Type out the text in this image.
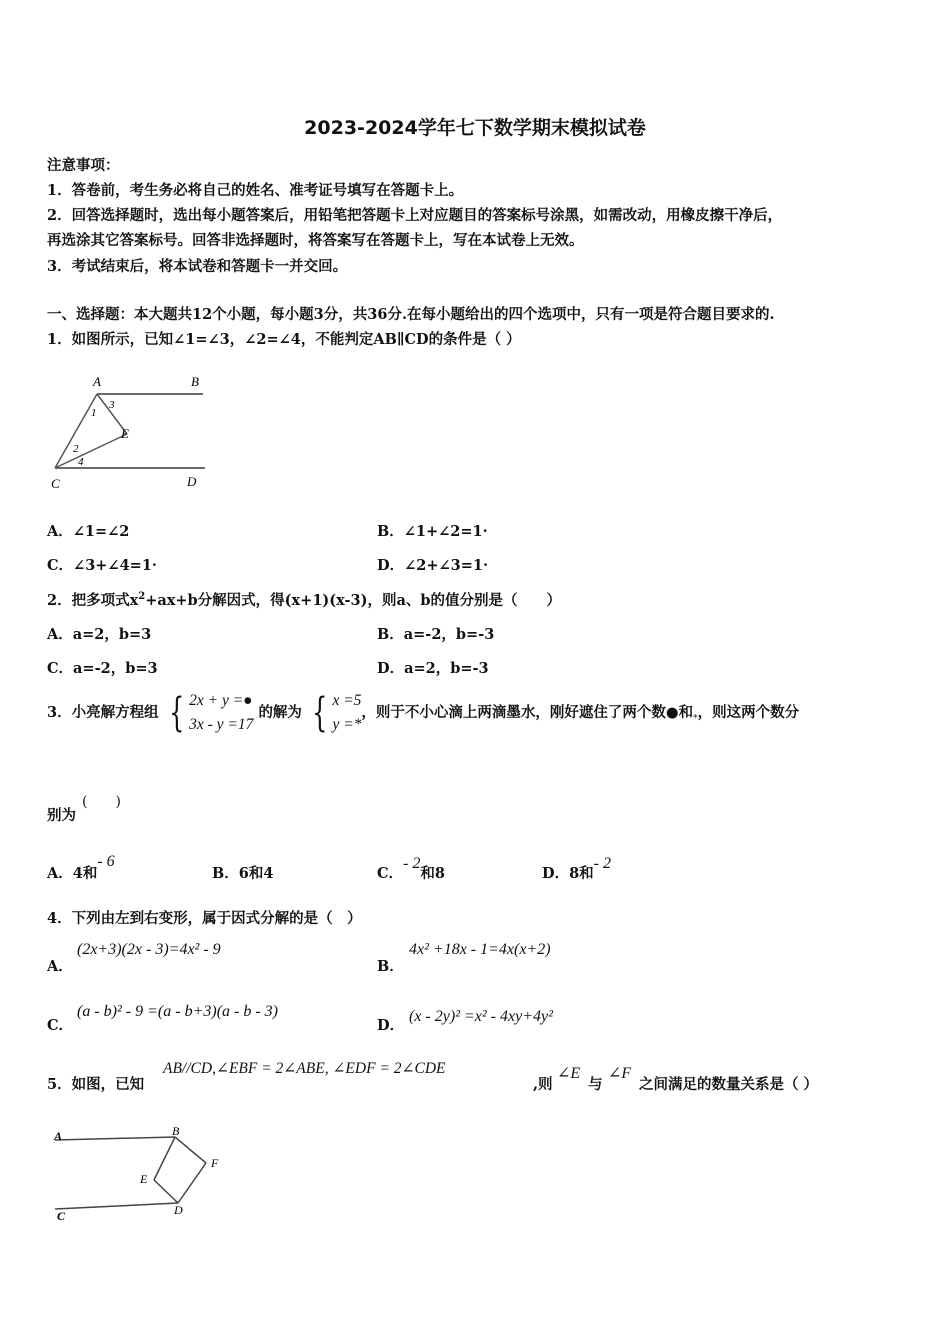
2023-2024学年七下数学期末模拟试卷
注意事项：
1．答卷前，考生务必将自己的姓名、准考证号填写在答题卡上。
2．回答选择题时，选出每小题答案后，用铅笔把答题卡上对应题目的答案标号涂黑，如需改动，用橡皮擦干净后，
再选涂其它答案标号。回答非选择题时，将答案写在答题卡上，写在本试卷上无效。
3．考试结束后，将本试卷和答题卡一并交回。
一、选择题：本大题共12个小题，每小题3分，共36分.在每小题给出的四个选项中，只有一项是符合题目要求的.
1．如图所示，已知∠1=∠3，∠2=∠4，不能判定AB∥CD的条件是（ ）
A	B
C	D
E
1
3
2
4
A．∠1=∠2	B．∠1+∠2=1·
C．∠3+∠4=1·	D．∠2+∠3=1·
2．把多项式$x^2+ax+b$分解因式，得(x+1)(x-3)，则a、b的值分别是（　　）
A．a=2，b=3	B．a=-2，b=-3
C．a=-2，b=3	D．a=2，b=-3
3．小亮解方程组 { 2x + y =●
3x - y =17
的解为 { x =5
y =*
，则于不小心滴上两滴墨水，刚好遮住了两个数●和$_*$，则这两个数分
别为
(　　)
A．4和- 6
B．6和4	C．- 2和8	D．8和- 2
4．下列由左到右变形，属于因式分解的是（　）
A．
(2x+3)(2x - 3)=4x² - 9
B．
4x² +18x - 1=4x(x+2)
C．
(a - b)² - 9 =(a - b+3)(a - b - 3)
D．
(x - 2y)² =x² - 4xy+4y²
5．如图，已知
AB//CD,∠EBF = 2∠ABE, ∠EDF = 2∠CDE
,则
∠E
与
∠F
之间满足的数量关系是（ ）
A	B
C	D
E
F
